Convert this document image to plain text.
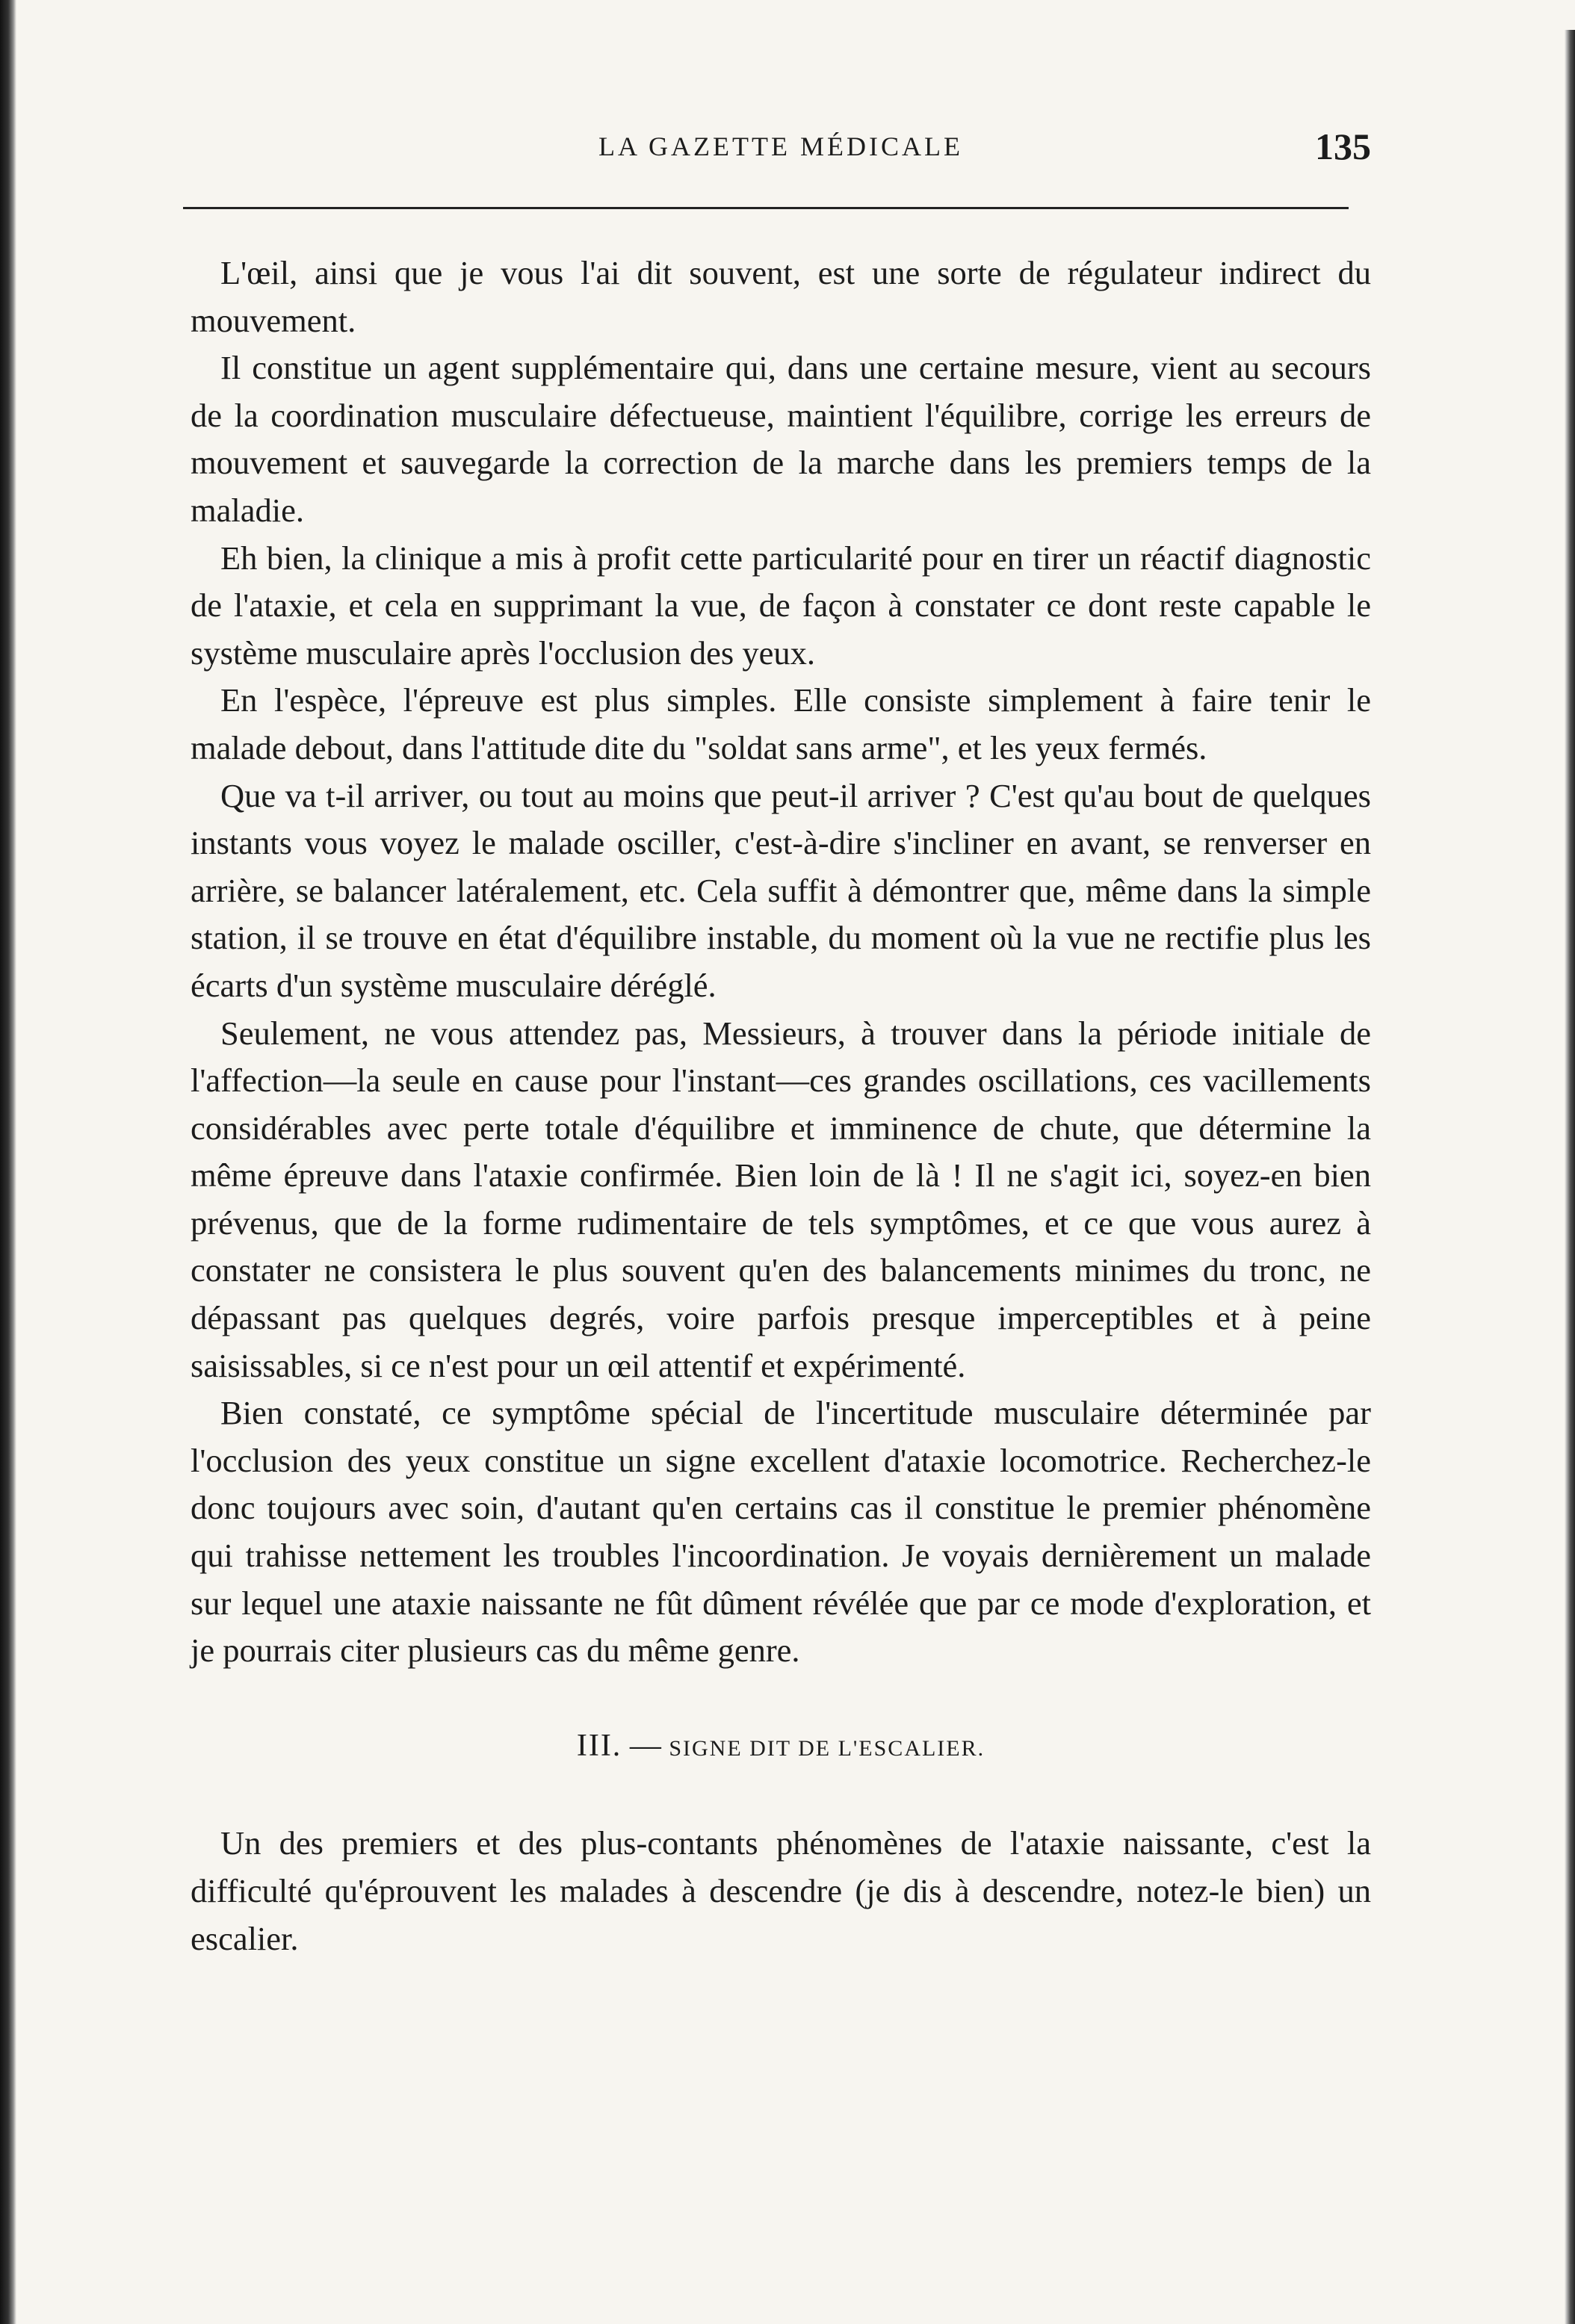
LA GAZETTE MÉDICALE	135

L'œil, ainsi que je vous l'ai dit souvent, est une sorte de régulateur indirect du mouvement.

Il constitue un agent supplémentaire qui, dans une certaine mesure, vient au secours de la coordination musculaire défectueuse, maintient l'équilibre, corrige les erreurs de mouvement et sauvegarde la correction de la marche dans les premiers temps de la maladie.

Eh bien, la clinique a mis à profit cette particularité pour en tirer un réactif diagnostic de l'ataxie, et cela en supprimant la vue, de façon à constater ce dont reste capable le système musculaire après l'occlusion des yeux.

En l'espèce, l'épreuve est plus simples. Elle consiste simplement à faire tenir le malade debout, dans l'attitude dite du "soldat sans arme", et les yeux fermés.

Que va t-il arriver, ou tout au moins que peut-il arriver ? C'est qu'au bout de quelques instants vous voyez le malade osciller, c'est-à-dire s'incliner en avant, se renverser en arrière, se balancer latéralement, etc. Cela suffit à démontrer que, même dans la simple station, il se trouve en état d'équilibre instable, du moment où la vue ne rectifie plus les écarts d'un système musculaire déréglé.

Seulement, ne vous attendez pas, Messieurs, à trouver dans la période initiale de l'affection—la seule en cause pour l'instant—ces grandes oscillations, ces vacillements considérables avec perte totale d'équilibre et imminence de chute, que détermine la même épreuve dans l'ataxie confirmée. Bien loin de là ! Il ne s'agit ici, soyez-en bien prévenus, que de la forme rudimentaire de tels symptômes, et ce que vous aurez à constater ne consistera le plus souvent qu'en des balancements minimes du tronc, ne dépassant pas quelques degrés, voire parfois presque imperceptibles et à peine saisissables, si ce n'est pour un œil attentif et expérimenté.

Bien constaté, ce symptôme spécial de l'incertitude musculaire déterminée par l'occlusion des yeux constitue un signe excellent d'ataxie locomotrice. Recherchez-le donc toujours avec soin, d'autant qu'en certains cas il constitue le premier phénomène qui trahisse nettement les troubles l'incoordination. Je voyais dernièrement un malade sur lequel une ataxie naissante ne fût dûment révélée que par ce mode d'exploration, et je pourrais citer plusieurs cas du même genre.

III. — SIGNE DIT DE L'ESCALIER.

Un des premiers et des plus-contants phénomènes de l'ataxie naissante, c'est la difficulté qu'éprouvent les malades à descendre (je dis à descendre, notez-le bien) un escalier.
